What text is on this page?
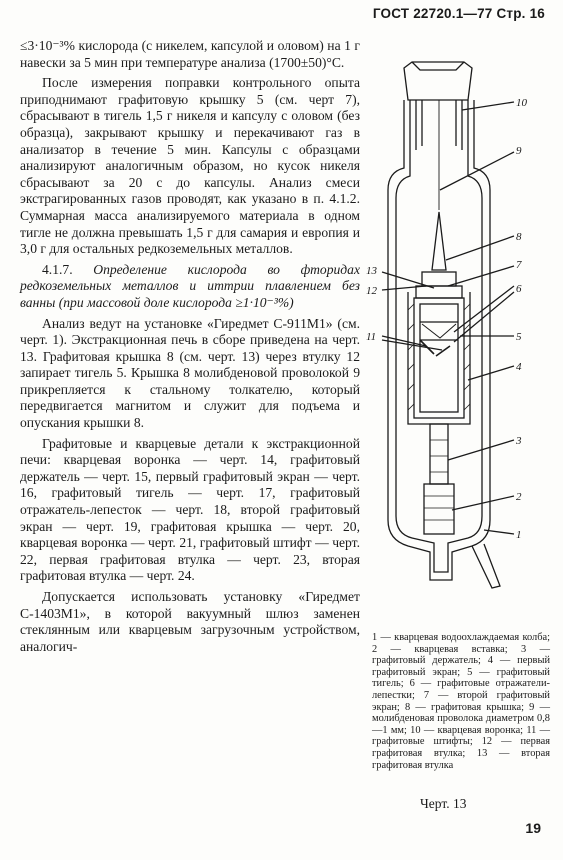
ГОСТ 22720.1—77 Стр. 16

≤3·10⁻³% кислорода (с никелем, капсулой и оловом) на 1 г навески за 5 мин при температуре анализа (1700±50)°С.

После измерения поправки контрольного опыта приподнимают графитовую крышку 5 (см. черт 7), сбрасывают в тигель 1,5 г никеля и капсулу с оловом (без образца), закрывают крышку и перекачивают газ в анализатор в течение 5 мин. Капсулы с образцами анализируют аналогичным образом, но кусок никеля сбрасывают за 20 с до капсулы. Анализ смеси экстрагированных газов проводят, как указано в п. 4.1.2. Суммарная масса анализируемого материала в одном тигле не должна превышать 1,5 г для самария и европия и 3,0 г для остальных редкоземельных металлов.

4.1.7. Определение кислорода во фторидах редкоземельных металлов и иттрии плавлением без ванны (при массовой доле кислорода ≥1·10⁻³%)

Анализ ведут на установке «Гиредмет С-911М1» (см. черт. 1). Экстракционная печь в сборе приведена на черт. 13. Графитовая крышка 8 (см. черт. 13) через втулку 12 запирает тигель 5. Крышка 8 молибденовой проволокой 9 прикрепляется к стальному толкателю, который передвигается магнитом и служит для подъема и опускания крышки 8.

Графитовые и кварцевые детали к экстракционной печи: кварцевая воронка — черт. 14, графитовый держатель — черт. 15, первый графитовый экран — черт. 16, графитовый тигель — черт. 17, графитовый отражатель-лепесток — черт. 18, второй графитовый экран — черт. 19, графитовая крышка — черт. 20, кварцевая воронка — черт. 21, графитовый штифт — черт. 22, первая графитовая втулка — черт. 23, вторая графитовая втулка — черт. 24.

Допускается использовать установку «Гиредмет С-1403М1», в которой вакуумный шлюз заменен стеклянным или кварцевым загрузочным устройством, аналогич-

10
9
8
7
13
12	6
11	5
4
3
2
1
1 — кварцевая водоохлаждаемая колба; 2 — кварцевая вставка; 3 — графитовый держатель; 4 — первый графитовый экран; 5 — графитовый тигель; 6 — графитовые отражатели-лепестки; 7 — второй графитовый экран; 8 — графитовая крышка; 9 — молибденовая проволока диаметром 0,8—1 мм; 10 — кварцевая воронка; 11 — графитовые штифты; 12 — первая графитовая втулка; 13 — вторая графитовая втулка
Черт. 13
19
